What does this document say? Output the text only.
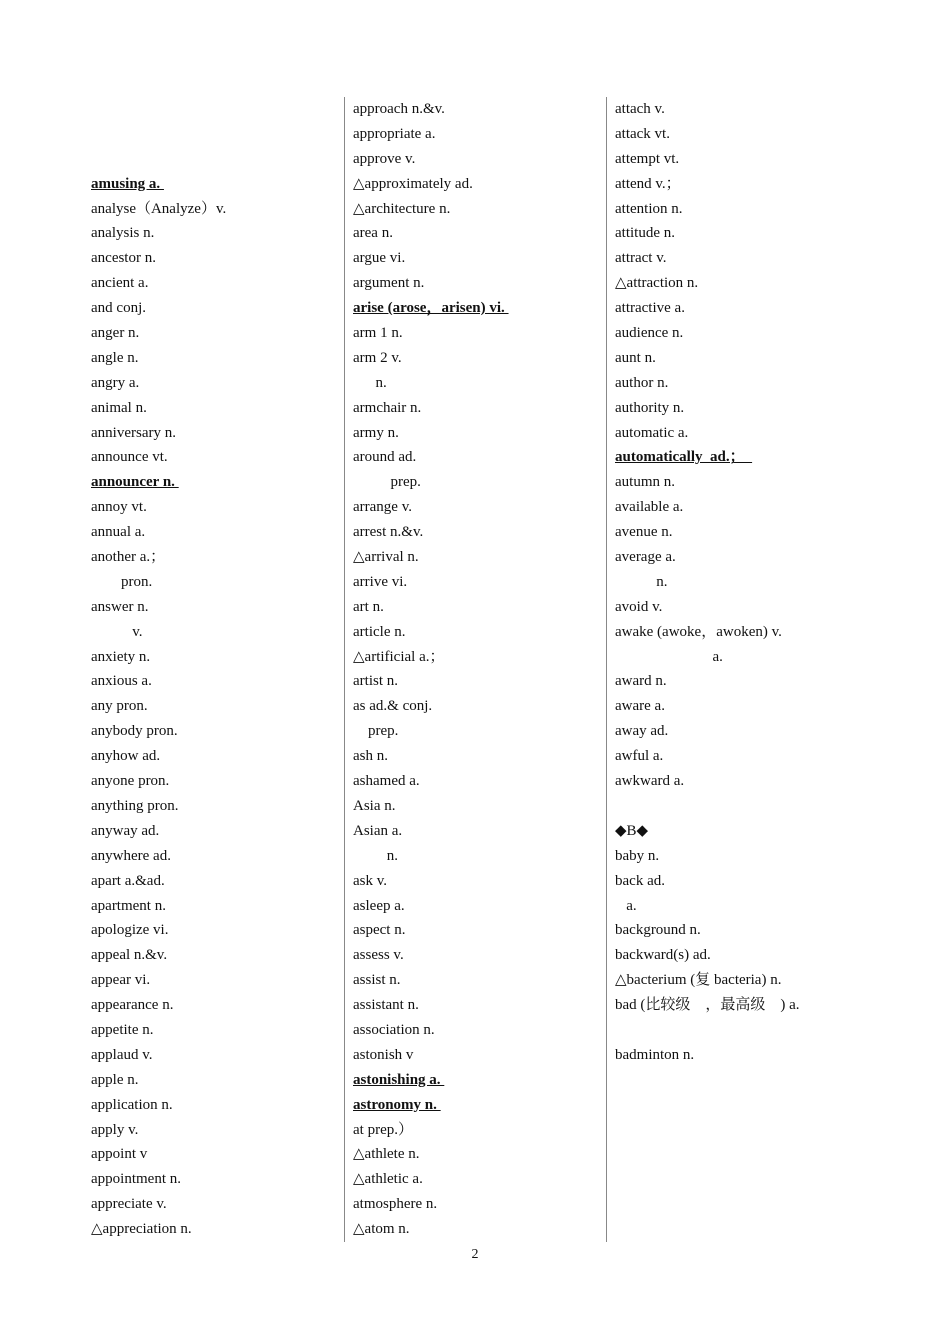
amusing a.
analyse（Analyze）v.
analysis n.
ancestor n.
ancient a.
and conj.
anger n.
angle n.
angry a.
animal n.
anniversary n.
announce vt.
announcer n.
annoy vt.
annual a.
another a.；
pron.
answer n.
v.
anxiety n.
anxious a.
any pron.
anybody pron.
anyhow ad.
anyone pron.
anything pron.
anyway ad.
anywhere ad.
apart a.&ad.
apartment n.
apologize vi.
appeal n.&v.
appear vi.
appearance n.
appetite n.
applaud v.
apple n.
application n.
apply v.
appoint v
appointment n.
appreciate v.
△appreciation n.
approach n.&v.
appropriate a.
approve v.
△approximately ad.
△architecture n.
area n.
argue vi.
argument n.
arise (arose，arisen) vi.
arm 1 n.
arm 2 v.
n.
armchair n.
army n.
around ad.
prep.
arrange v.
arrest n.&v.
△arrival n.
arrive vi.
art n.
article n.
△artificial a.；
artist n.
as ad.& conj.
prep.
ash n.
ashamed a.
Asia n.
Asian a.
n.
ask v.
asleep a.
aspect n.
assess v.
assist n.
assistant n.
association n.
astonish v
astonishing a.
astronomy n.
at prep.）
△athlete n.
△athletic a.
atmosphere n.
△atom n.
attach v.
attack vt.
attempt vt.
attend v.；
attention n.
attitude n.
attract v.
△attraction n.
attractive a.
audience n.
aunt n.
author n.
authority n.
automatic a.
automatically  ad.；
autumn n.
available a.
avenue n.
average a.
n.
avoid v.
awake (awoke，awoken) v.
a.
award n.
aware a.
away ad.
awful a.
awkward a.
◆B◆
baby n.
back ad.
a.
background n.
backward(s) ad.
△bacterium (复 bacteria) n.
bad (比较级    ，最高级    ) a.
badminton n.
2
